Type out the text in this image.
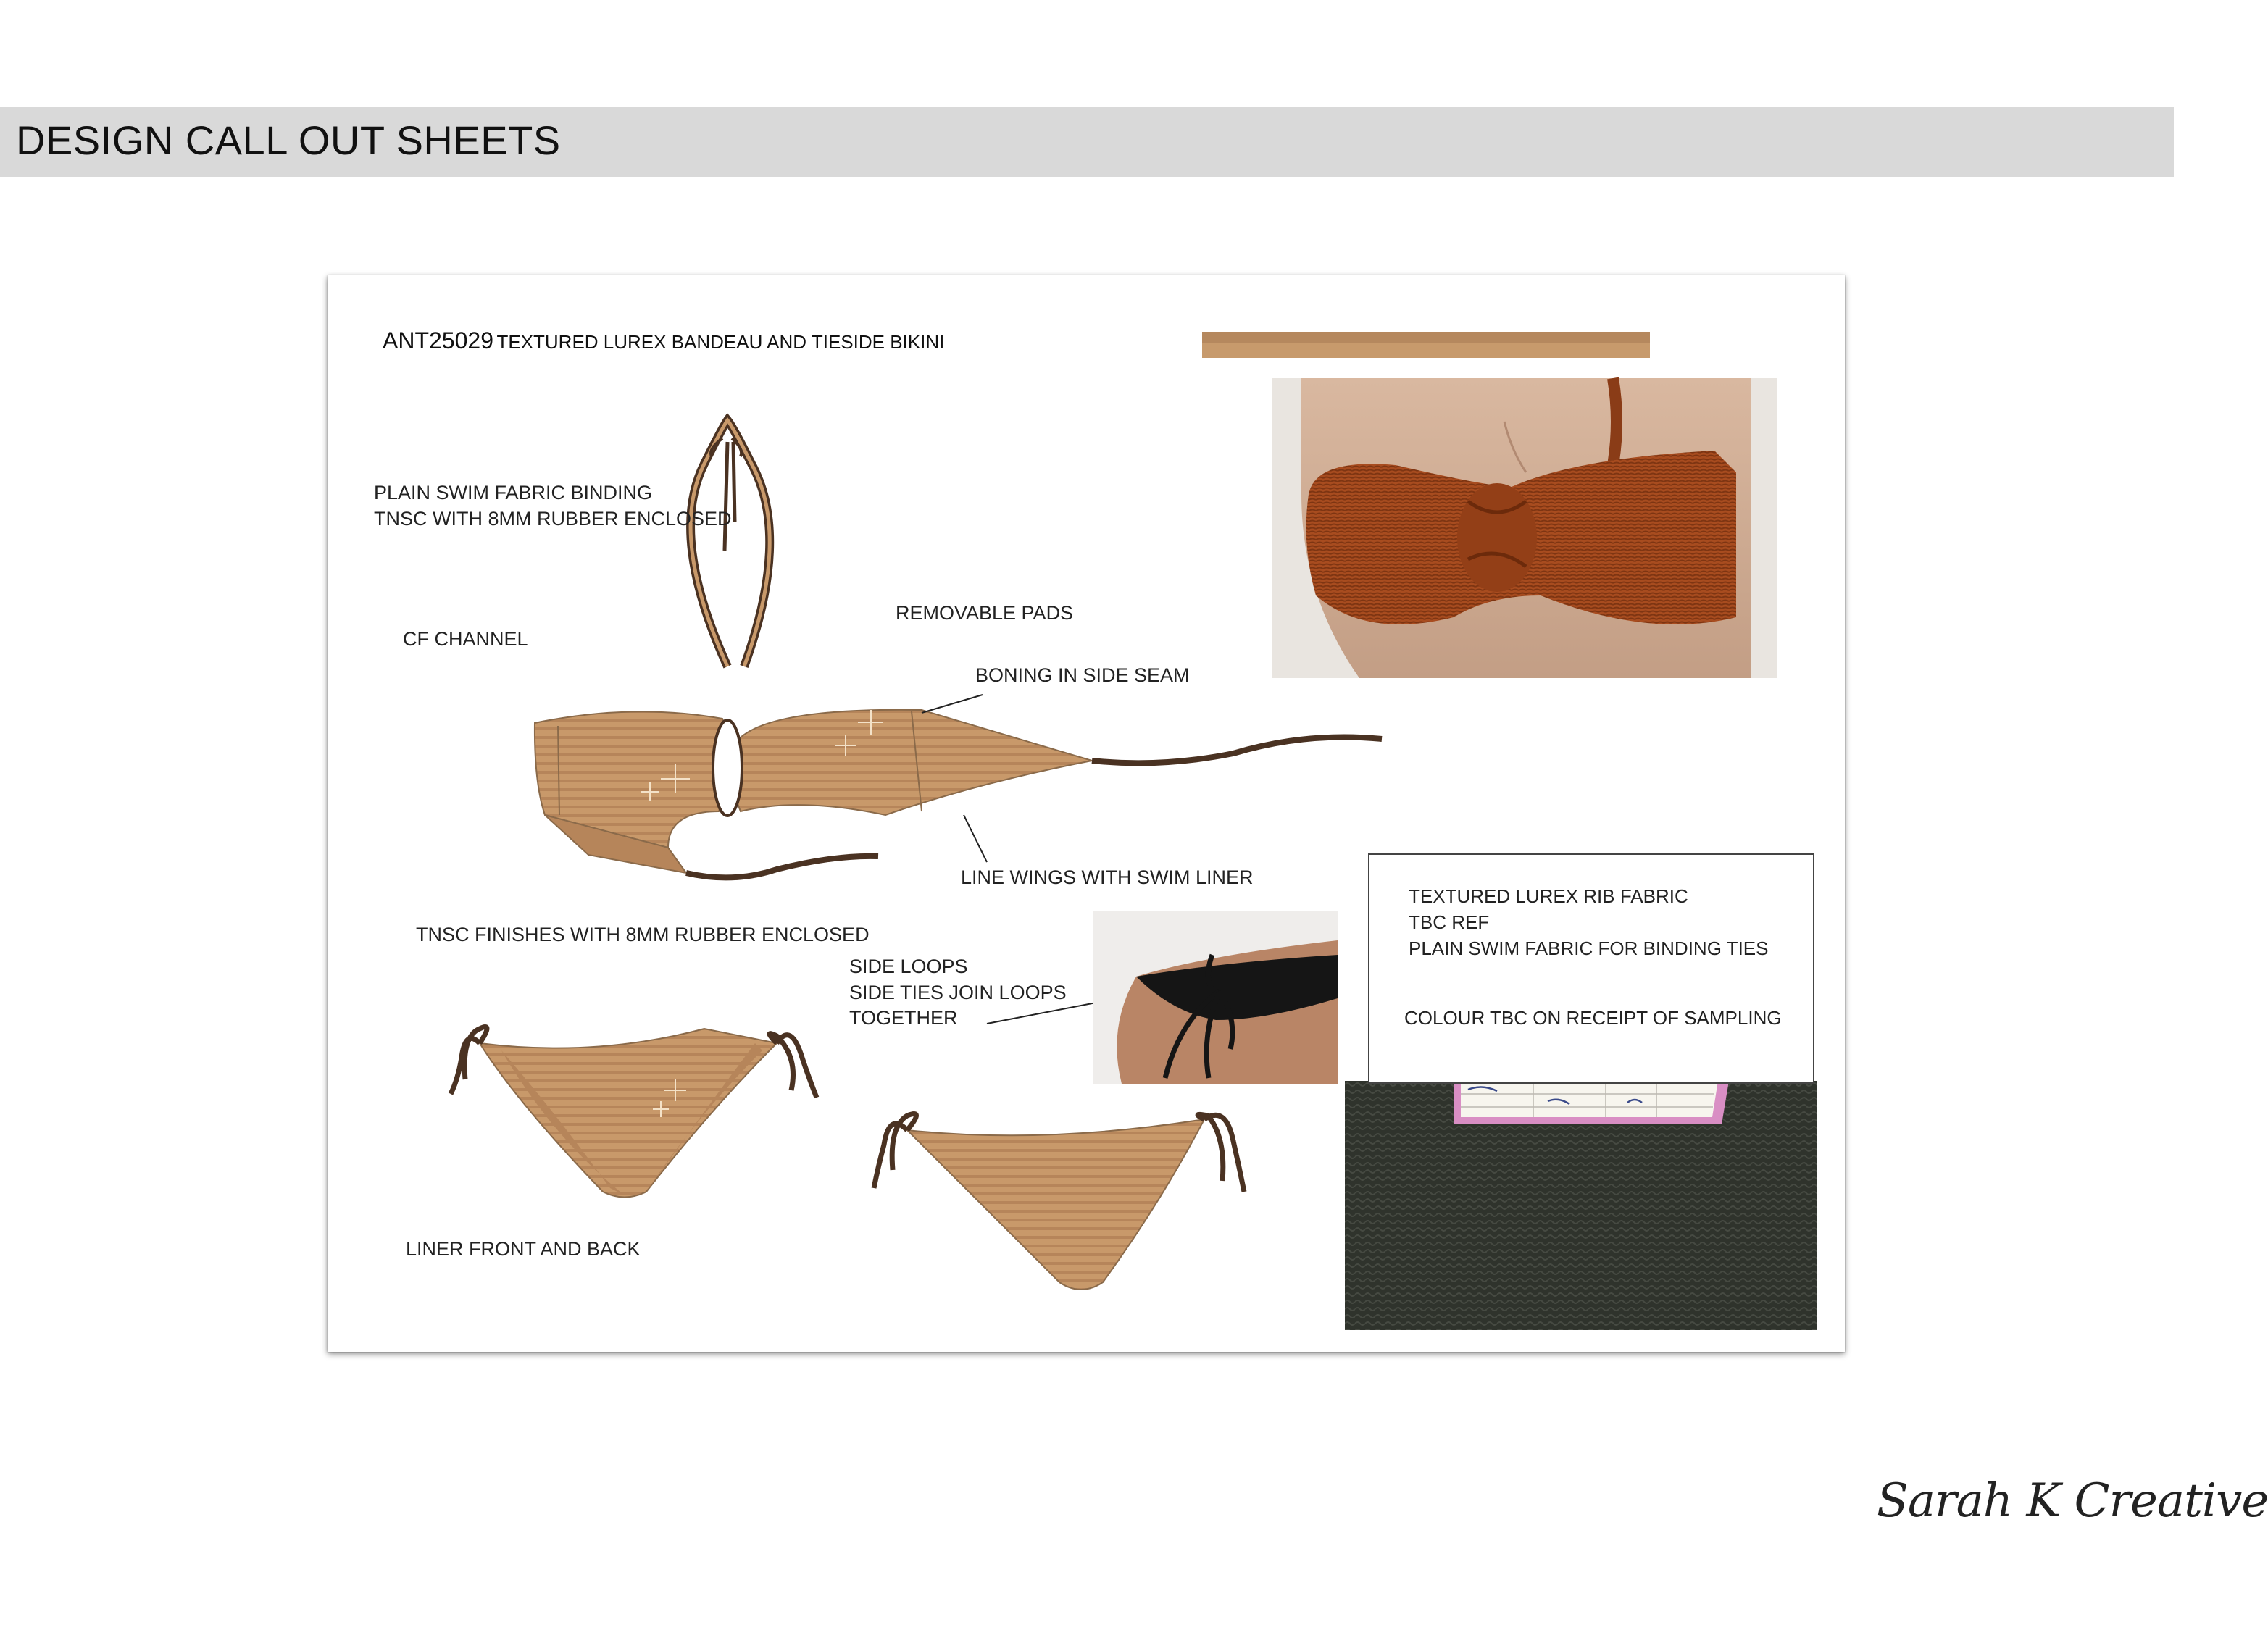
DESIGN CALL OUT SHEETS
ANT25029 TEXTURED LUREX BANDEAU AND TIESIDE BIKINI
TEXTURED LUREX RIB FABRIC
TBC REF
PLAIN SWIM FABRIC FOR BINDING TIES
COLOUR TBC ON RECEIPT OF SAMPLING
PLAIN SWIM FABRIC BINDING
TNSC WITH 8MM RUBBER ENCLOSED
CF CHANNEL
REMOVABLE PADS
BONING IN SIDE SEAM
LINE WINGS WITH SWIM LINER
TNSC FINISHES WITH 8MM RUBBER ENCLOSED
SIDE LOOPS
SIDE TIES JOIN LOOPS
TOGETHER
LINER FRONT AND BACK
Sarah K Creative
